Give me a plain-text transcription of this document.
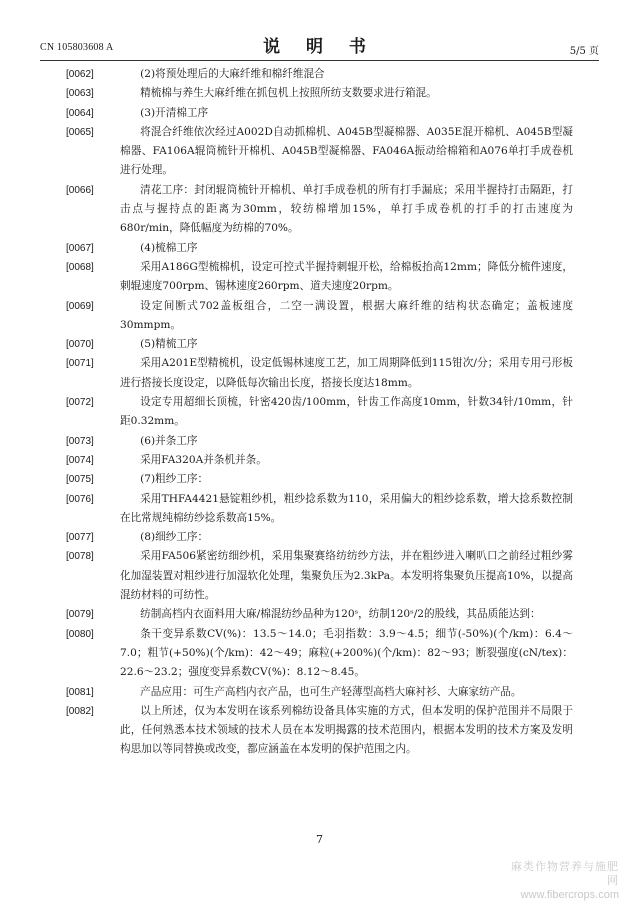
CN 105803608 A	说 明 书	5/5 页
[0062]	(2)将预处理后的大麻纤维和棉纤维混合
[0063]	精梳棉与养生大麻纤维在抓包机上按照所纺支数要求进行箱混。
[0064]	(3)开清棉工序
[0065]	将混合纤维依次经过A002D自动抓棉机、A045B型凝棉器、A035E混开棉机、A045B型凝棉器、FA106A辊筒梳针开棉机、A045B型凝棉器、FA046A振动给棉箱和A076单打手成卷机进行处理。
[0066]	清花工序：封闭辊筒梳针开棉机、单打手成卷机的所有打手漏底；采用半握持打击隔距，打击点与握持点的距离为30mm，较纺棉增加15%，单打手成卷机的打手的打击速度为680r/min，降低幅度为纺棉的70%。
[0067]	(4)梳棉工序
[0068]	采用A186G型梳棉机，设定可控式半握持刺辊开松，给棉板抬高12mm；降低分梳件速度，刺辊速度700rpm、锡林速度260rpm、道夫速度20rpm。
[0069]	设定间断式702盖板组合，二空一满设置，根据大麻纤维的结构状态确定；盖板速度30mmpm。
[0070]	(5)精梳工序
[0071]	采用A201E型精梳机，设定低锡林速度工艺，加工周期降低到115钳次/分；采用专用弓形板进行搭接长度设定，以降低每次输出长度，搭接长度达18mm。
[0072]	设定专用超细长顶梳，针密420齿/100mm，针齿工作高度10mm，针数34针/10mm，针距0.32mm。
[0073]	(6)并条工序
[0074]	采用FA320A并条机并条。
[0075]	(7)粗纱工序：
[0076]	采用THFA4421悬锭粗纱机，粗纱捻系数为110，采用偏大的粗纱捻系数，增大捻系数控制在比常规纯棉纺纱捻系数高15%。
[0077]	(8)细纱工序：
[0078]	采用FA506紧密纺细纱机，采用集聚赛络纺纺纱方法，并在粗纱进入喇叭口之前经过粗纱雾化加湿装置对粗纱进行加湿软化处理，集聚负压为2.3kPa。本发明将集聚负压提高10%，以提高混纺材料的可纺性。
[0079]	纺制高档内衣面料用大麻/棉混纺纱品种为120ˢ，纺制120ˢ/2的股线，其品质能达到：
[0080]	条干变异系数CV(%)：13.5～14.0；毛羽指数：3.9～4.5；细节(-50%)(个/km)：6.4～7.0；粗节(+50%)(个/km)：42～49；麻粒(+200%)(个/km)：82～93；断裂强度(cN/tex)：22.6～23.2；强度变异系数CV(%)：8.12～8.45。
[0081]	产品应用：可生产高档内衣产品，也可生产轻薄型高档大麻衬衫、大麻家纺产品。
[0082]	以上所述，仅为本发明在该系列棉纺设备具体实施的方式，但本发明的保护范围并不局限于此，任何熟悉本技术领域的技术人员在本发明揭露的技术范围内，根据本发明的技术方案及发明构思加以等同替换或改变，都应涵盖在本发明的保护范围之内。
7
麻类作物营养与施肥网
www.fibercrops.com
